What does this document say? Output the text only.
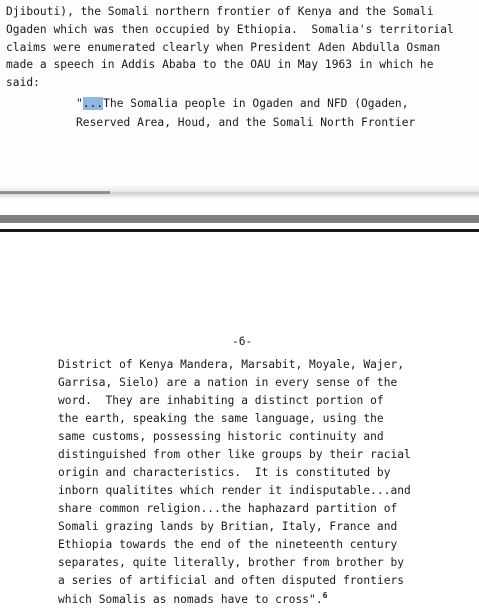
Djibouti), the Somali northern frontier of Kenya and the Somali
Ogaden which was then occupied by Ethiopia.  Somalia's territorial
claims were enumerated clearly when President Aden Abdulla Osman
made a speech in Addis Ababa to the OAU in May 1963 in which he
said:
"...The Somalia people in Ogaden and NFD (Ogaden,
Reserved Area, Houd, and the Somali North Frontier
-6-
District of Kenya Mandera, Marsabit, Moyale, Wajer,
Garrisa, Sielo) are a nation in every sense of the
word.  They are inhabiting a distinct portion of
the earth, speaking the same language, using the
same customs, possessing historic continuity and
distinguished from other like groups by their racial
origin and characteristics.  It is constituted by
inborn qualitites which render it indisputable...and
share common religion...the haphazard partition of
Somali grazing lands by Britian, Italy, France and
Ethiopia towards the end of the nineteenth century
separates, quite literally, brother from brother by
a series of artificial and often disputed frontiers
which Somalis as nomads have to cross".$^6$
